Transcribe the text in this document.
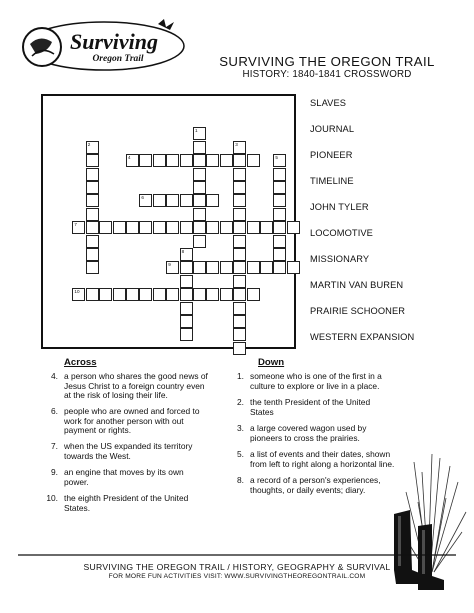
Surviving
Oregon Trail	SURVIVING THE OREGON TRAIL
HISTORY: 1840-1841 CROSSWORD
1
2	3
4	5
6
7
8
9
10
SLAVES
JOURNAL
PIONEER
TIMELINE
JOHN TYLER
LOCOMOTIVE
MISSIONARY
MARTIN VAN BUREN
PRAIRIE SCHOONER
WESTERN EXPANSION
Across
4. a person who shares the good news of
Jesus Christ to a foreign country even
at the risk of losing their life.
6. people who are owned and forced to
work for another person with out
payment or rights.
7. when the US expanded its territory
towards the West.
9. an engine that moves by its own
power.
10. the eighth President of the United
States.
Down
1. someone who is one of the first in a
culture to explore or live in a place.
2. the tenth President of the United
States
3. a large covered wagon used by
pioneers to cross the prairies.
5. a list of events and their dates, shown
from left to right along a horizontal line.
8. a record of a person's experiences,
thoughts, or daily events; diary.
SURVIVING THE OREGON TRAIL / HISTORY, GEOGRAPHY & SURVIVAL
FOR MORE FUN ACTIVITIES VISIT: WWW.SURVIVINGTHEOREGONTRAIL.COM
